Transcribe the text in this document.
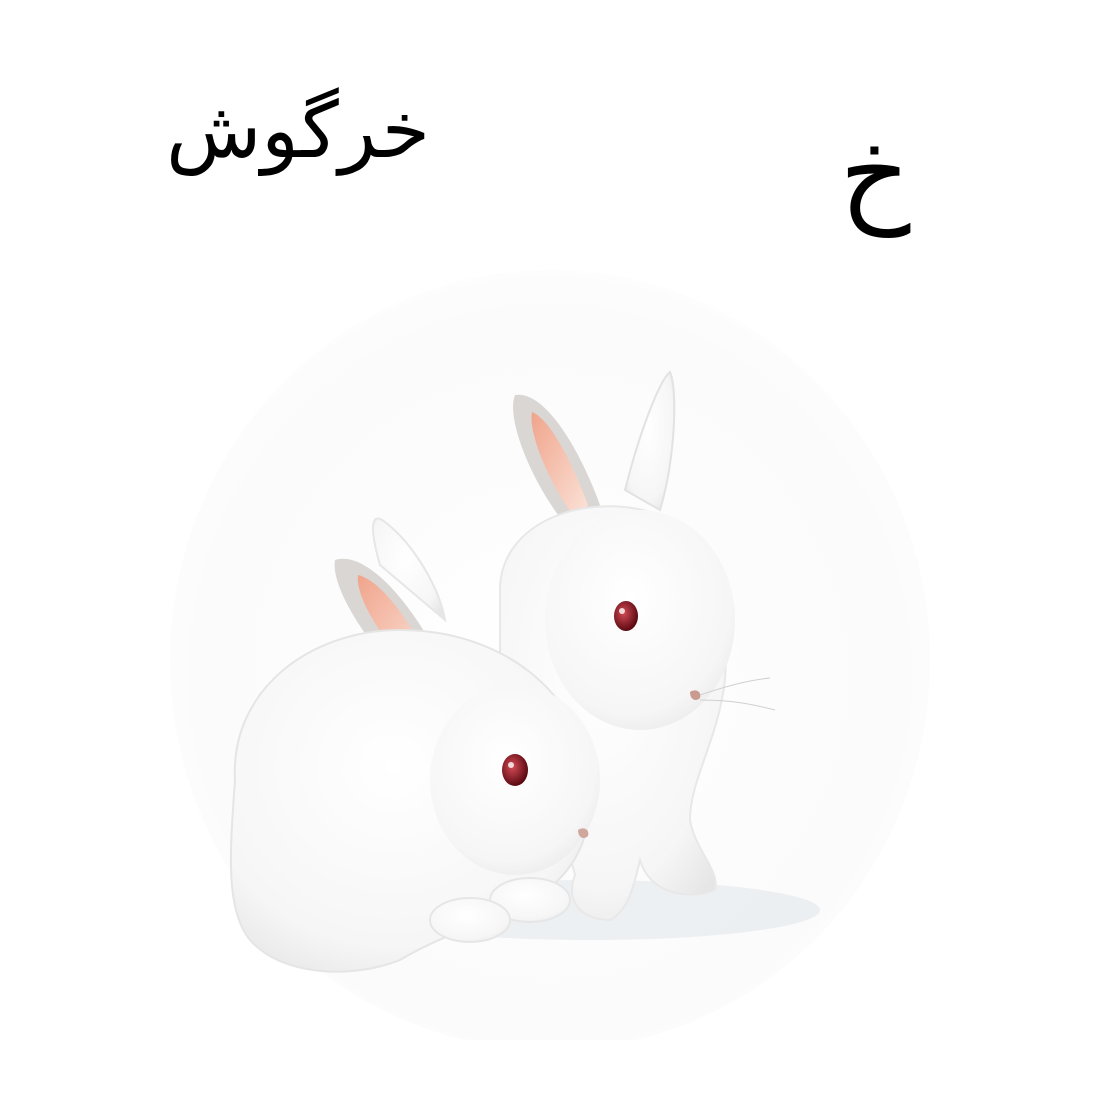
خرگوش	خ
